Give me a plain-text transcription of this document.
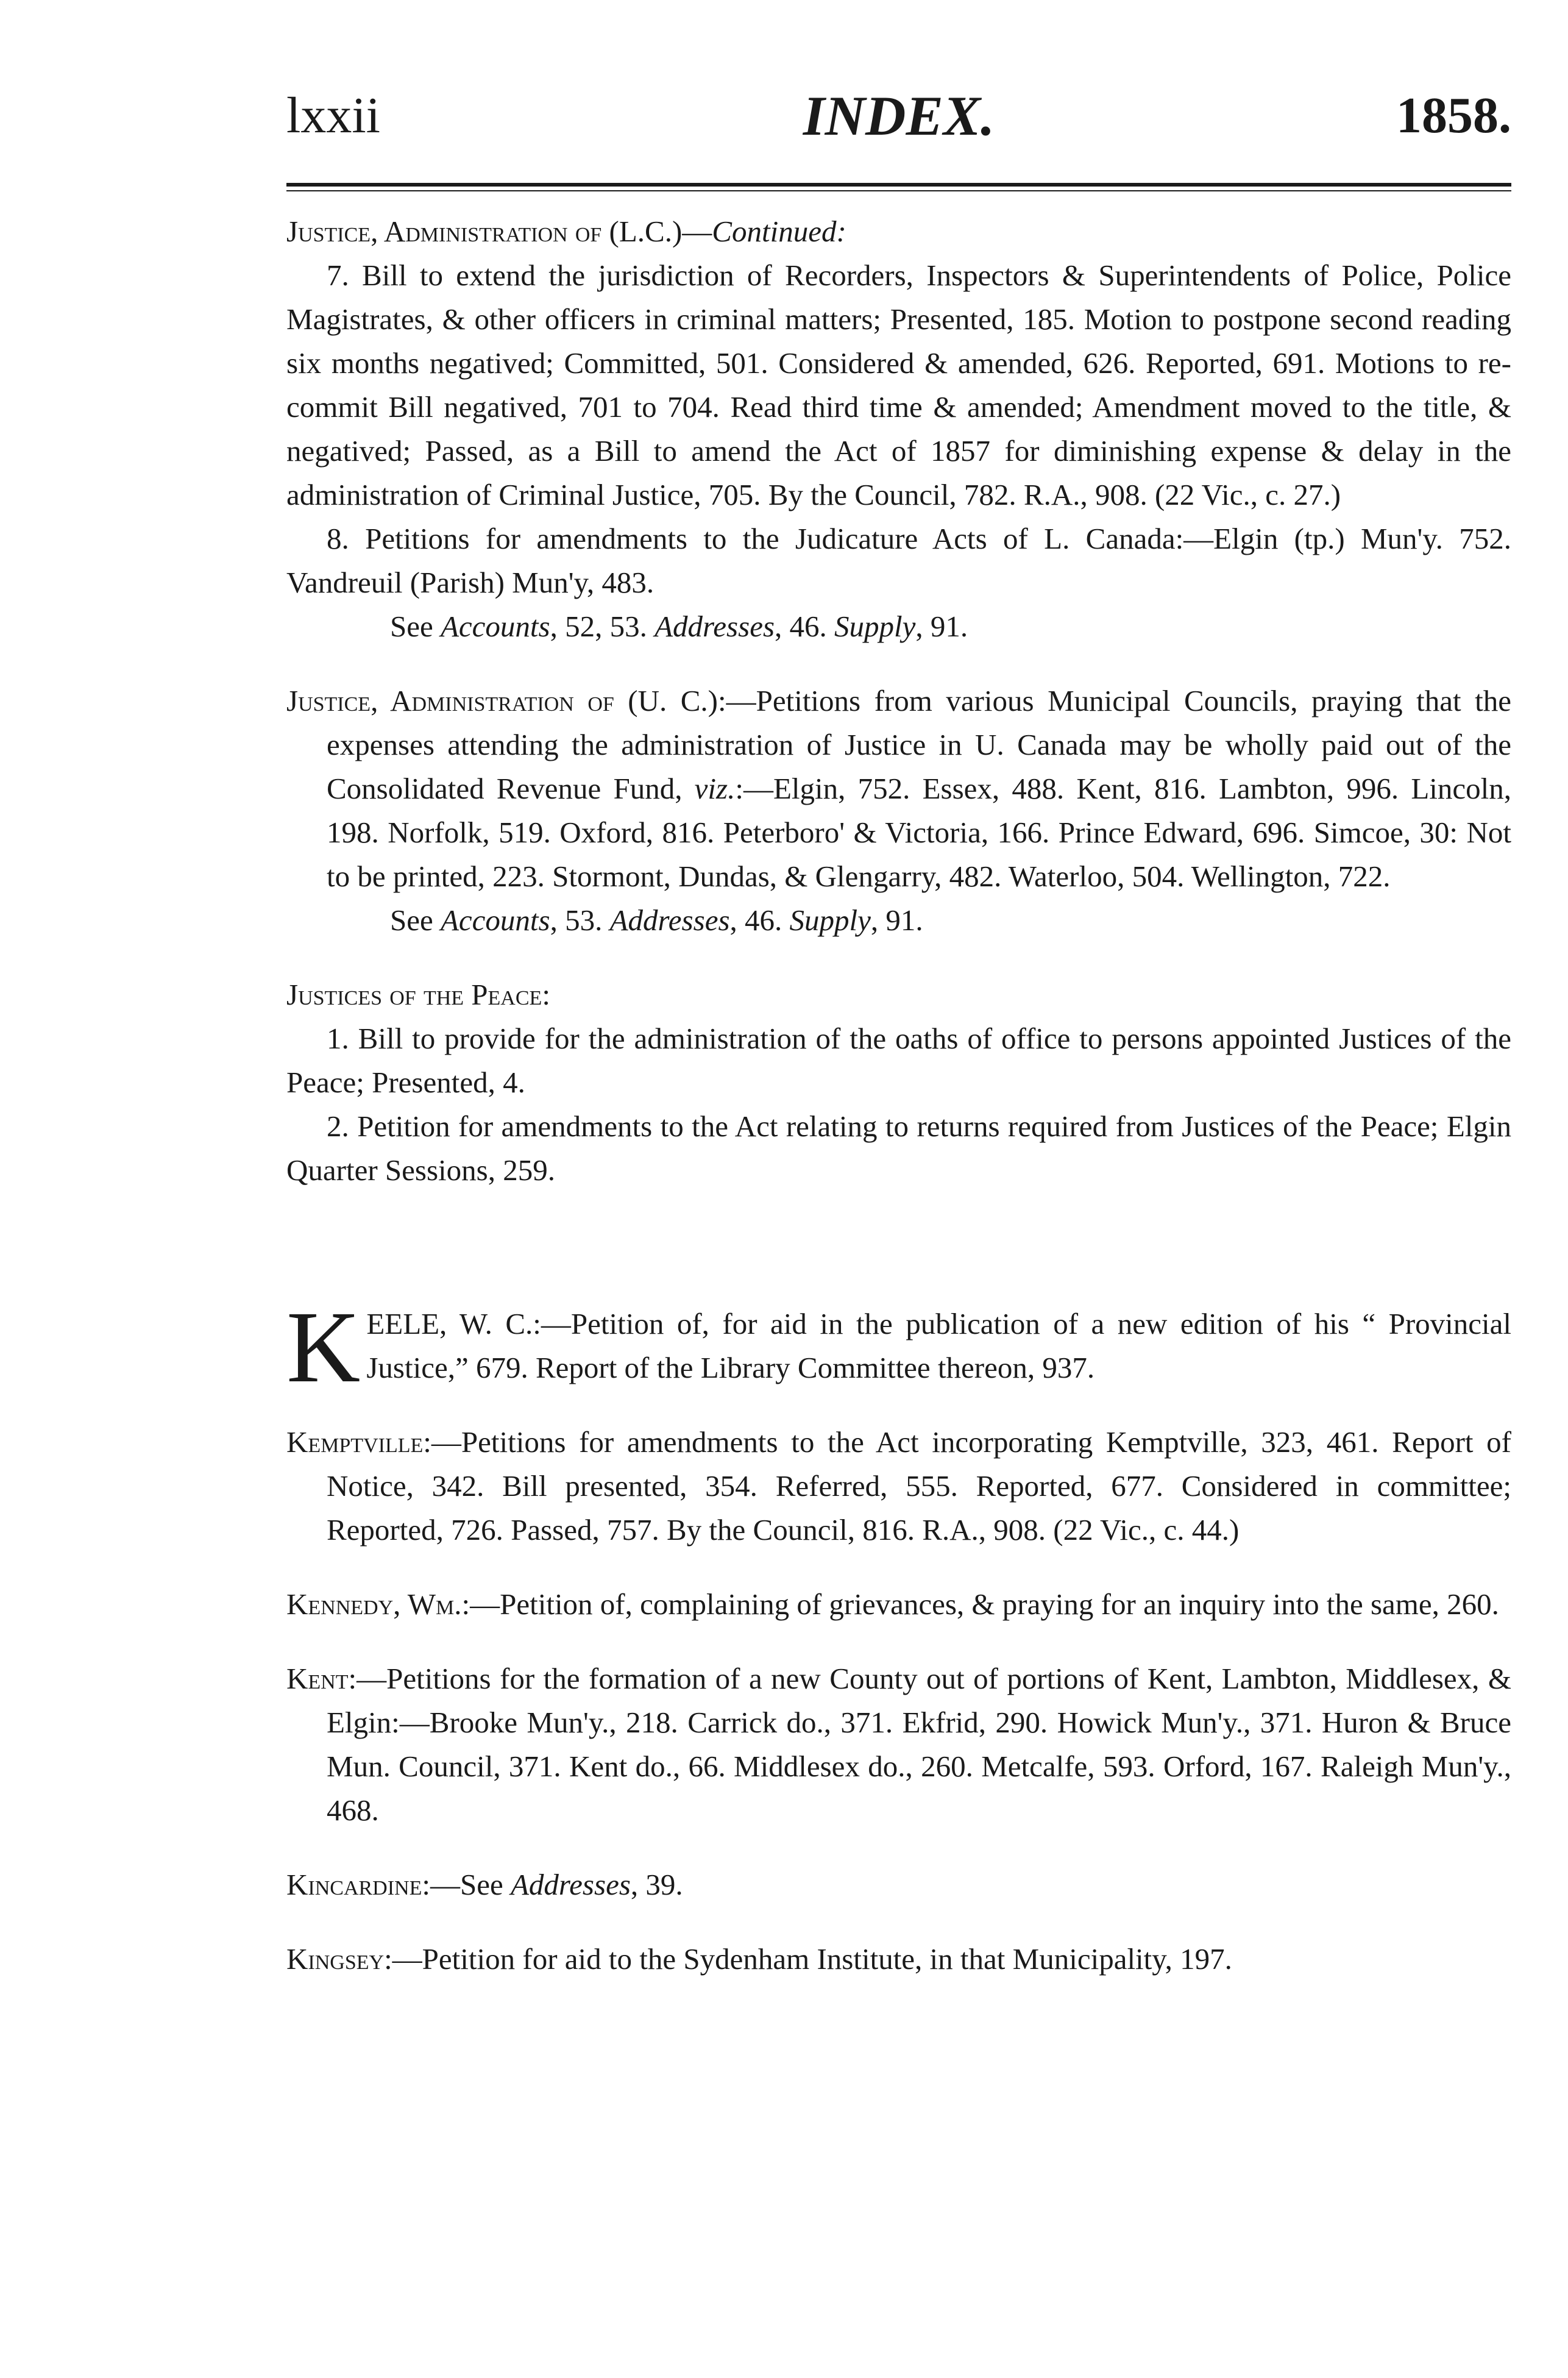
lxxii	INDEX.	1858.

Justice, Administration of (L.C.)—Continued:

7. Bill to extend the jurisdiction of Recorders, Inspectors & Superintendents of Police, Police Magistrates, & other officers in criminal matters; Presented, 185. Motion to postpone second reading six months negatived; Committed, 501. Considered & amended, 626. Reported, 691. Motions to re-commit Bill negatived, 701 to 704. Read third time & amended; Amendment moved to the title, & negatived; Passed, as a Bill to amend the Act of 1857 for diminishing expense & delay in the administration of Criminal Justice, 705. By the Council, 782. R.A., 908. (22 Vic., c. 27.)

8. Petitions for amendments to the Judicature Acts of L. Canada:—Elgin (tp.) Mun'y. 752. Vandreuil (Parish) Mun'y, 483.

See Accounts, 52, 53. Addresses, 46. Supply, 91.

Justice, Administration of (U. C.):—Petitions from various Municipal Councils, praying that the expenses attending the administration of Justice in U. Canada may be wholly paid out of the Consolidated Revenue Fund, viz.:—Elgin, 752. Essex, 488. Kent, 816. Lambton, 996. Lincoln, 198. Norfolk, 519. Oxford, 816. Peterboro' & Victoria, 166. Prince Edward, 696. Simcoe, 30: Not to be printed, 223. Stormont, Dundas, & Glengarry, 482. Waterloo, 504. Wellington, 722.

See Accounts, 53. Addresses, 46. Supply, 91.

Justices of the Peace:

1. Bill to provide for the administration of the oaths of office to persons appointed Justices of the Peace; Presented, 4.

2. Petition for amendments to the Act relating to returns required from Justices of the Peace; Elgin Quarter Sessions, 259.

K EELE, W. C.:—Petition of, for aid in the publication of a new edition of his “ Provincial Justice,” 679. Report of the Library Committee thereon, 937.

Kemptville:—Petitions for amendments to the Act incorporating Kemptville, 323, 461. Report of Notice, 342. Bill presented, 354. Referred, 555. Reported, 677. Considered in committee; Reported, 726. Passed, 757. By the Council, 816. R.A., 908. (22 Vic., c. 44.)

Kennedy, Wm.:—Petition of, complaining of grievances, & praying for an inquiry into the same, 260.

Kent:—Petitions for the formation of a new County out of portions of Kent, Lambton, Middlesex, & Elgin:—Brooke Mun'y., 218. Carrick do., 371. Ekfrid, 290. Howick Mun'y., 371. Huron & Bruce Mun. Council, 371. Kent do., 66. Middlesex do., 260. Metcalfe, 593. Orford, 167. Raleigh Mun'y., 468.

Kincardine:—See Addresses, 39.

Kingsey:—Petition for aid to the Sydenham Institute, in that Municipality, 197.
